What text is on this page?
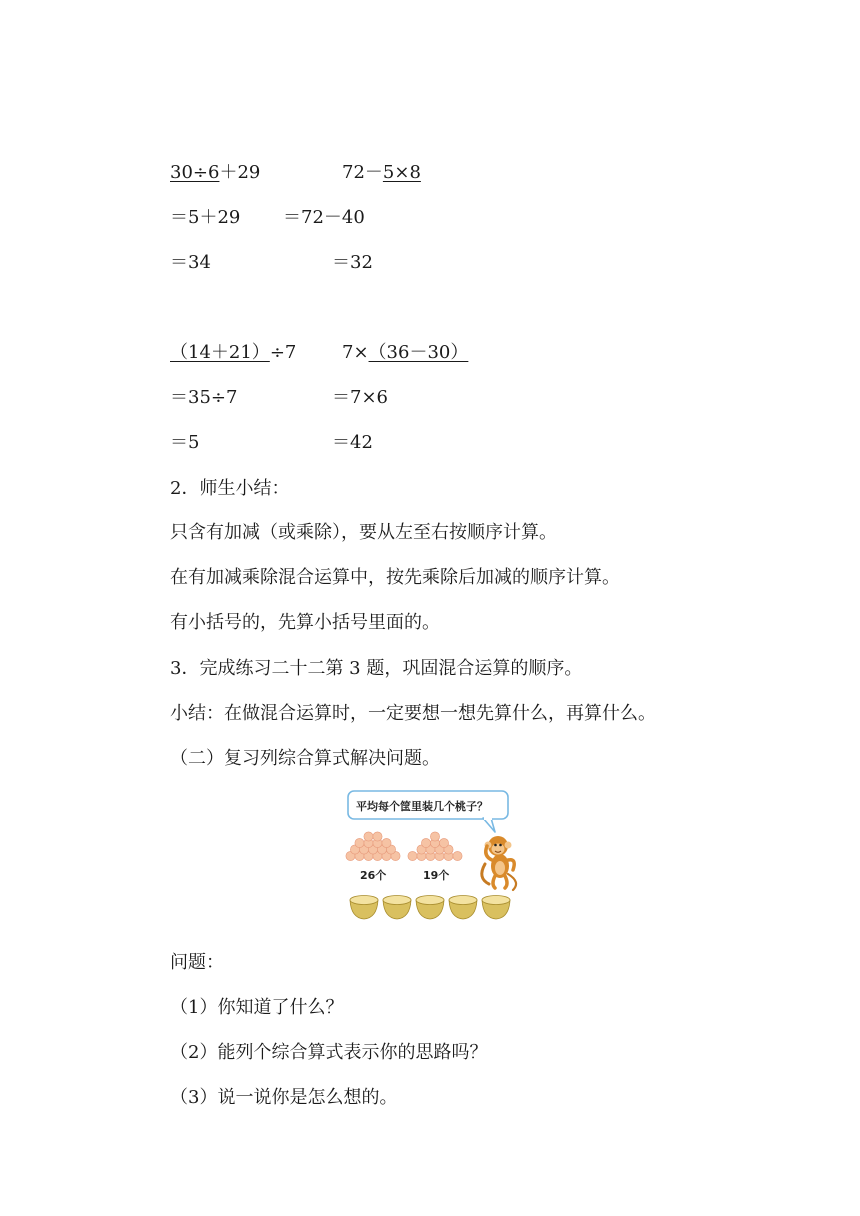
30÷6＋29	72－5×8
＝5＋29 ＝72－40
＝34	＝32
（14＋21）÷7	7×（36－30）
＝35÷7	＝7×6
＝5	＝42
2．师生小结：
只含有加减（或乘除），要从左至右按顺序计算。
在有加减乘除混合运算中，按先乘除后加减的顺序计算。
有小括号的，先算小括号里面的。
3．完成练习二十二第 3 题，巩固混合运算的顺序。
小结：在做混合运算时，一定要想一想先算什么，再算什么。
（二）复习列综合算式解决问题。
平均每个筐里装几个桃子？
26个	19个
问题：
（1）你知道了什么？
（2）能列个综合算式表示你的思路吗？
（3）说一说你是怎么想的。
